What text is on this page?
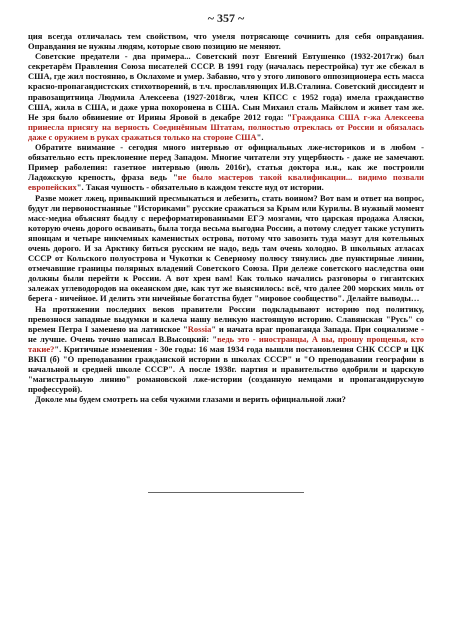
~ 357 ~

ция всегда отличалась тем свойством, что умеля потрясающе сочинить для себя оправдания. Оправдания не нужны людям, которые свою позицию не меняют.

Советские предатели - два примера... Советский поэт Евгений Евтушенко (1932-2017гж) был секретарём Правления Союза писателей СССР. В 1991 году (началась перестройка) тут же сбежал в США, где жил постоянно, в Оклахоме и умер. Забавно, что у этого липового оппозиционера есть масса красно-пропагандистских стихотворений, в т.ч. прославляющих И.В.Сталина. Советский диссидент и правозащитница Людмила Алексеева (1927-2018гж, член КПСС с 1952 года) имела гражданство США, жила в США, и даже урна похоронена в США. Сын Михаил сталь Майклом и живет там же. Не зря было обвинение от Ирины Яровой в декабре 2012 года: "Гражданка США г-жа Алексеева принесла присягу на верность Соединённым Штатам, полностью отреклась от России и обязалась даже с оружием в руках сражаться только на стороне США".

Обратите внимание - сегодня много интервью от официальных лже-историков и в любом - обязательно есть преклонение перед Западом. Многие читатели эту ущербность - даже не замечают. Пример раболепия: газетное интервью (июль 2016г), статья доктора и.н., как же построили Ладожскую крепость, фраза ведь "не было мастеров такой квалификации... видимо позвали европейских". Такая чушость - обязательно в каждом тексте нуд от истории.

Разве может лжец, привыкший пресмыкаться и лебезить, стать воином? Вот вам и ответ на вопрос, будут ли первоностнанные "Историками" русские сражаться за Крым или Курилы. В нужный момент масс-медиа объяснят быдлу с переформатированными ЕГЭ мозгами, что царская продажа Аляски, которую очень дорого осваивать, была тогда весьма выгодна России, а потому следует также уступить японцам и четыре никчемных каменистых острова, потому что завозить туда мазут для котельных очень дорого. И за Арктику биться русским не надо, ведь там очень холодно. В школьных атласах СССР от Кольского полуострова и Чукотки к Северному полюсу тянулись две пунктирные линии, отмечавшие границы полярных владений Советского Союза. При дележе советского наследства они должны были перейти к России. А вот хрен вам! Как только начались разговоры о гигантских залежах углеводородов на океанском дне, как тут же выяснилось: всё, что далее 200 морских миль от берега - ничейное. И делить эти ничейные богатства будет "мировое сообщество". Делайте выводы…

На протяжении последних веков правители России подкладывают историю под политику, превознося западные выдумки и калеча нашу великую настоящую историю. Славянская "Русь" со времен Петра I заменено на латинское "Rossia" и начата враг пропаганда Запада. При социализме - не лучше. Очень точно написал В.Высоцкий: "ведь это - иностранцы, А вы, прошу прощенья, кто такие?". Критичные изменения - 30е годы: 16 мая 1934 года вышли постановления СНК СССР и ЦК ВКП (б) "О преподавании гражданской истории в школах СССР" и "О преподавании географии в начальной и средней школе СССР". А после 1938г. партия и правительство одобрили и царскую "магистральную линию" романовской лже-истории (созданную немцами и пропагандирусмую профессурой).

Доколе мы будем смотреть на себя чужими глазами и верить официальной лжи?
